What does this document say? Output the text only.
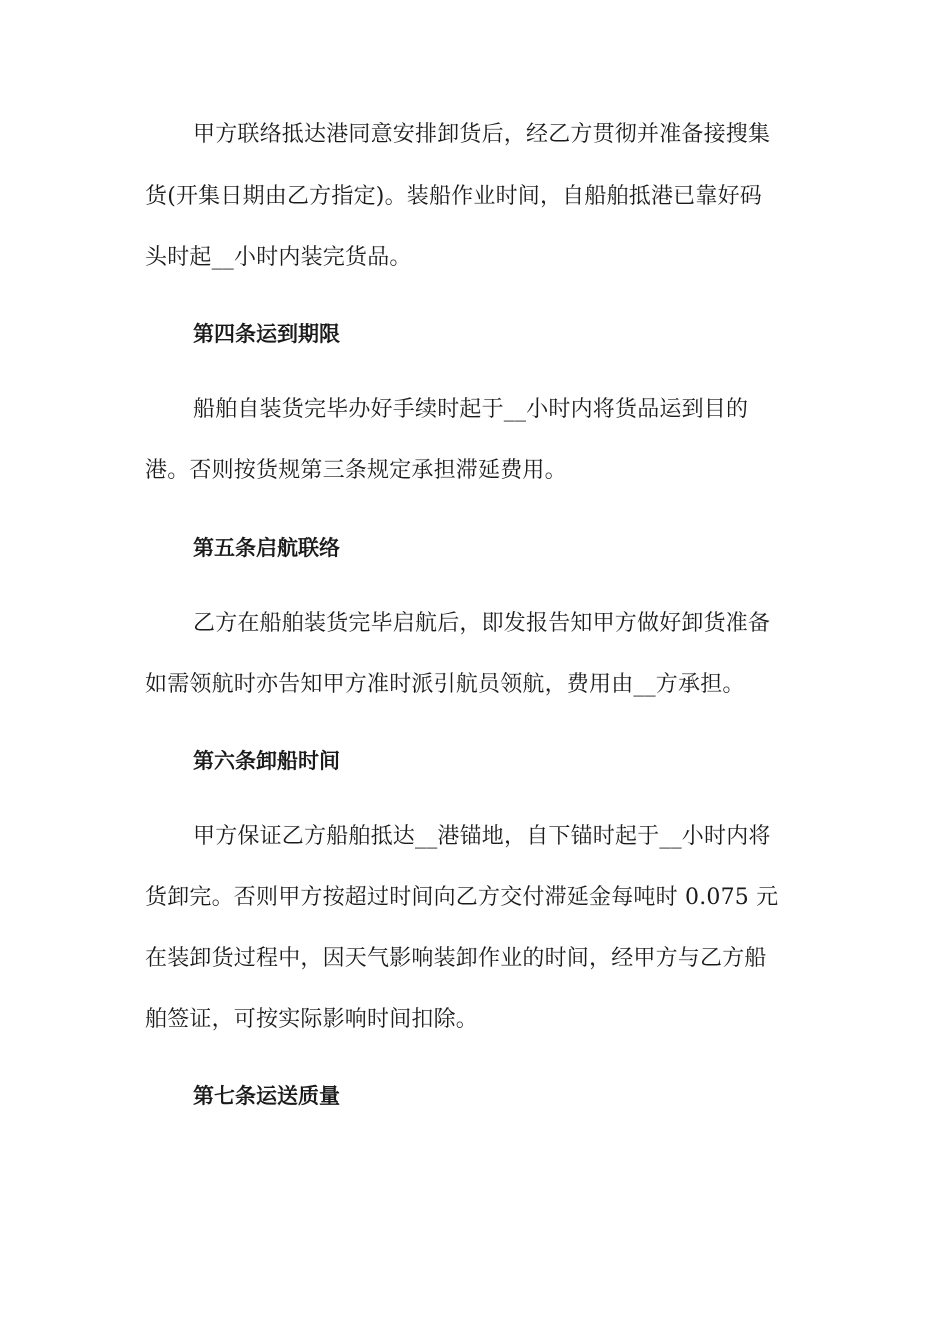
甲方联络抵达港同意安排卸货后，经乙方贯彻并准备接搜集
货(开集日期由乙方指定)。装船作业时间，自船舶抵港已靠好码
头时起__小时内装完货品。
第四条运到期限
船舶自装货完毕办好手续时起于__小时内将货品运到目的
港。否则按货规第三条规定承担滞延费用。
第五条启航联络
乙方在船舶装货完毕启航后，即发报告知甲方做好卸货准备
如需领航时亦告知甲方准时派引航员领航，费用由__方承担。
第六条卸船时间
甲方保证乙方船舶抵达__港锚地，自下锚时起于__小时内将
货卸完。否则甲方按超过时间向乙方交付滞延金每吨时 0.075 元
在装卸货过程中，因天气影响装卸作业的时间，经甲方与乙方船
舶签证，可按实际影响时间扣除。
第七条运送质量
